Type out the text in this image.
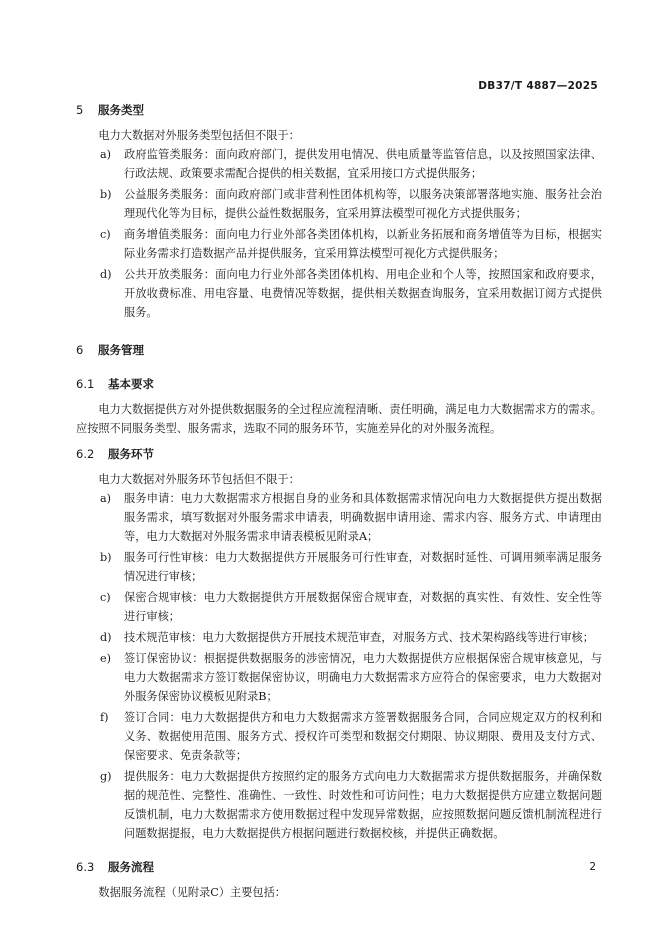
DB37/T 4887—2025
5 服务类型
电力大数据对外服务类型包括但不限于：
a) 政府监管类服务：面向政府部门，提供发用电情况、供电质量等监管信息，以及按照国家法律、行政法规、政策要求需配合提供的相关数据，宜采用接口方式提供服务；
b) 公益服务类服务：面向政府部门或非营利性团体机构等，以服务决策部署落地实施、服务社会治理现代化等为目标，提供公益性数据服务，宜采用算法模型可视化方式提供服务；
c) 商务增值类服务：面向电力行业外部各类团体机构，以新业务拓展和商务增值等为目标，根据实际业务需求打造数据产品并提供服务，宜采用算法模型可视化方式提供服务；
d) 公共开放类服务：面向电力行业外部各类团体机构、用电企业和个人等，按照国家和政府要求，开放收费标准、用电容量、电费情况等数据，提供相关数据查询服务，宜采用数据订阅方式提供服务。
6 服务管理
6.1 基本要求
电力大数据提供方对外提供数据服务的全过程应流程清晰、责任明确，满足电力大数据需求方的需求。应按照不同服务类型、服务需求，选取不同的服务环节，实施差异化的对外服务流程。
6.2 服务环节
电力大数据对外服务环节包括但不限于：
a) 服务申请：电力大数据需求方根据自身的业务和具体数据需求情况向电力大数据提供方提出数据服务需求，填写数据对外服务需求申请表，明确数据申请用途、需求内容、服务方式、申请理由等，电力大数据对外服务需求申请表模板见附录A；
b) 服务可行性审核：电力大数据提供方开展服务可行性审查，对数据时延性、可调用频率满足服务情况进行审核；
c) 保密合规审核：电力大数据提供方开展数据保密合规审查，对数据的真实性、有效性、安全性等进行审核；
d) 技术规范审核：电力大数据提供方开展技术规范审查，对服务方式、技术架构路线等进行审核；
e) 签订保密协议：根据提供数据服务的涉密情况，电力大数据提供方应根据保密合规审核意见，与电力大数据需求方签订数据保密协议，明确电力大数据需求方应符合的保密要求，电力大数据对外服务保密协议模板见附录B；
f) 签订合同：电力大数据提供方和电力大数据需求方签署数据服务合同，合同应规定双方的权利和义务、数据使用范围、服务方式、授权许可类型和数据交付期限、协议期限、费用及支付方式、保密要求、免责条款等；
g) 提供服务：电力大数据提供方按照约定的服务方式向电力大数据需求方提供数据服务，并确保数据的规范性、完整性、准确性、一致性、时效性和可访问性；电力大数据提供方应建立数据问题反馈机制，电力大数据需求方使用数据过程中发现异常数据，应按照数据问题反馈机制流程进行问题数据提报，电力大数据提供方根据问题进行数据校核，并提供正确数据。
6.3 服务流程
数据服务流程（见附录C）主要包括：
2
